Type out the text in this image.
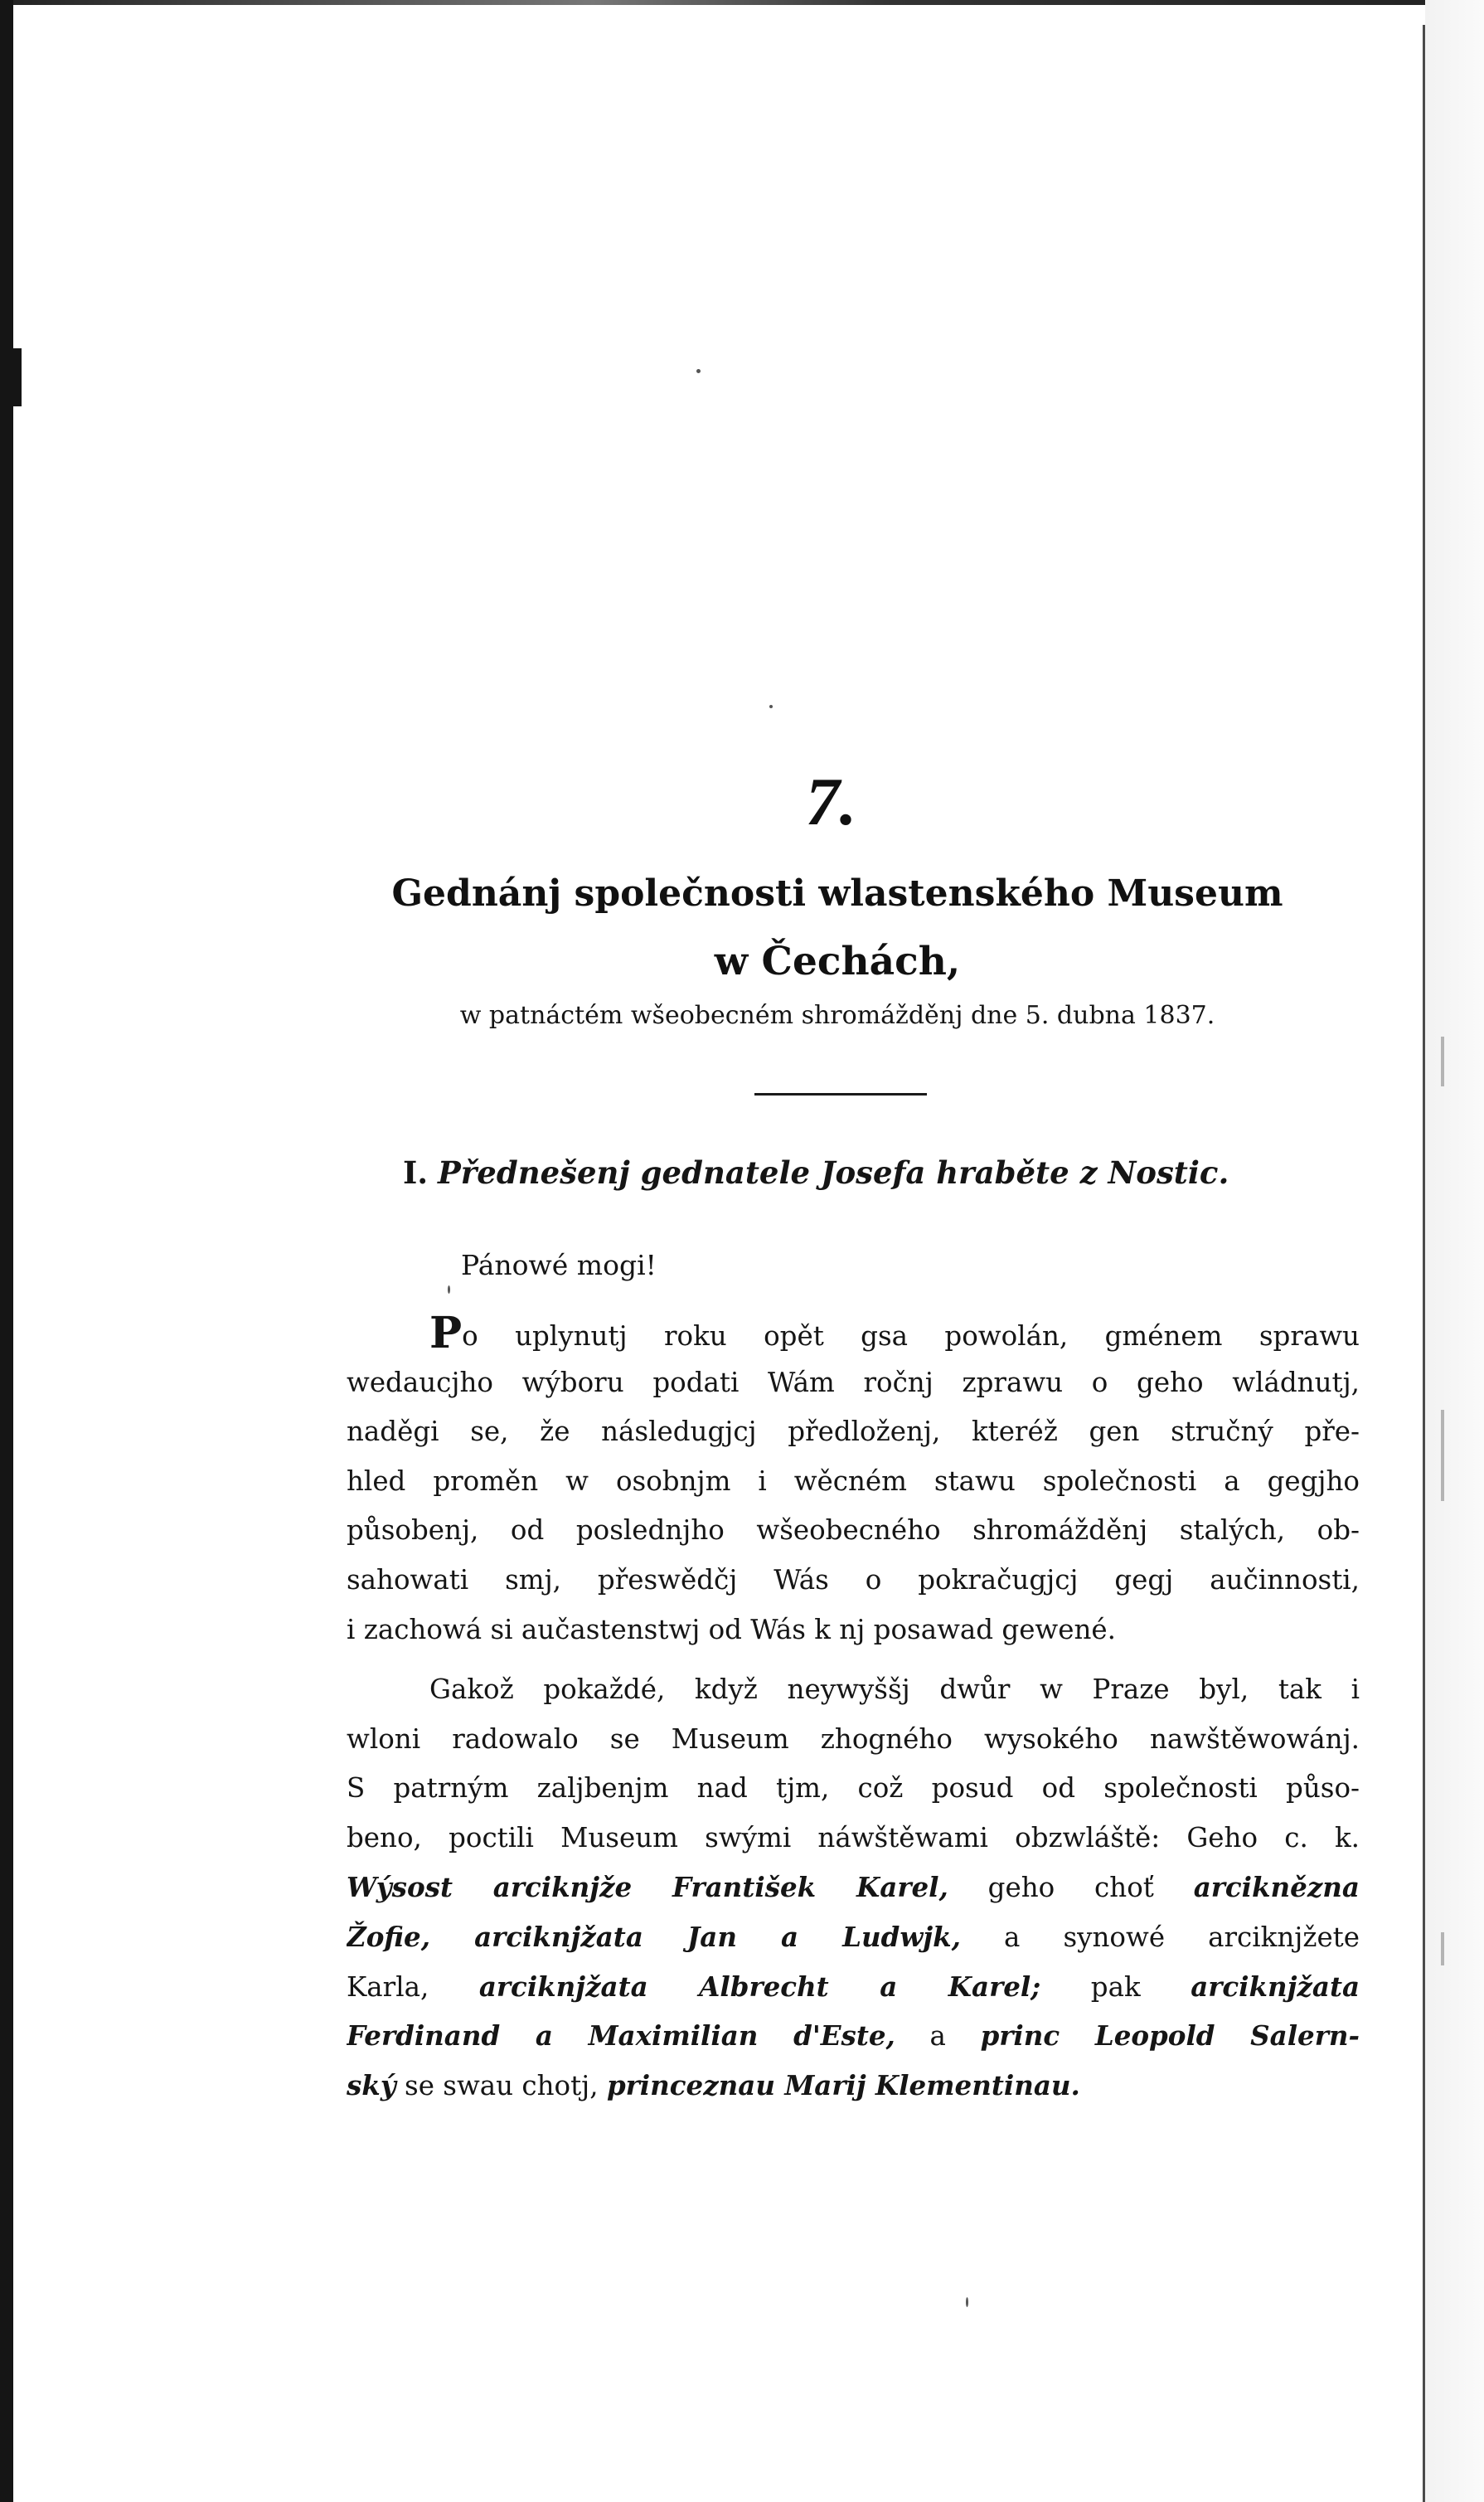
7.
Gednánj společnosti wlastenského Museum
w Čechách,
w patnáctém wšeobecném shromážděnj dne 5. dubna 1837.
I. Přednešenj gednatele Josefa hraběte z Nostic.
Pánowé mogi!
Po uplynutj roku opět gsa powolán, gménem sprawu
wedaucjho wýboru podati Wám ročnj zprawu o geho wládnutj,
naděgi se, že následugjcj předloženj, kteréž gen stručný pře-
hled proměn w osobnjm i wěcném stawu společnosti a gegjho
působenj, od poslednjho wšeobecného shromážděnj stalých, ob-
sahowati smj, přeswědčj Wás o pokračugjcj gegj aučinnosti,
i zachowá si aučastenstwj od Wás k nj posawad gewené.
Gakož pokaždé, když neywyššj dwůr w Praze byl, tak i
wloni radowalo se Museum zhogného wysokého nawštěwowánj.
S patrným zaljbenjm nad tjm, což posud od společnosti půso-
beno, poctili Museum swými náwštěwami obzwláště: Geho c. k.
Wýsost arciknjže František Karel, geho choť arciknězna
Žofie, arciknjžata Jan a Ludwjk, a synowé arciknjžete
Karla, arciknjžata Albrecht a Karel; pak arciknjžata
Ferdinand a Maximilian d'Este, a princ Leopold Salern-
ský se swau chotj, princeznau Marij Klementinau.
